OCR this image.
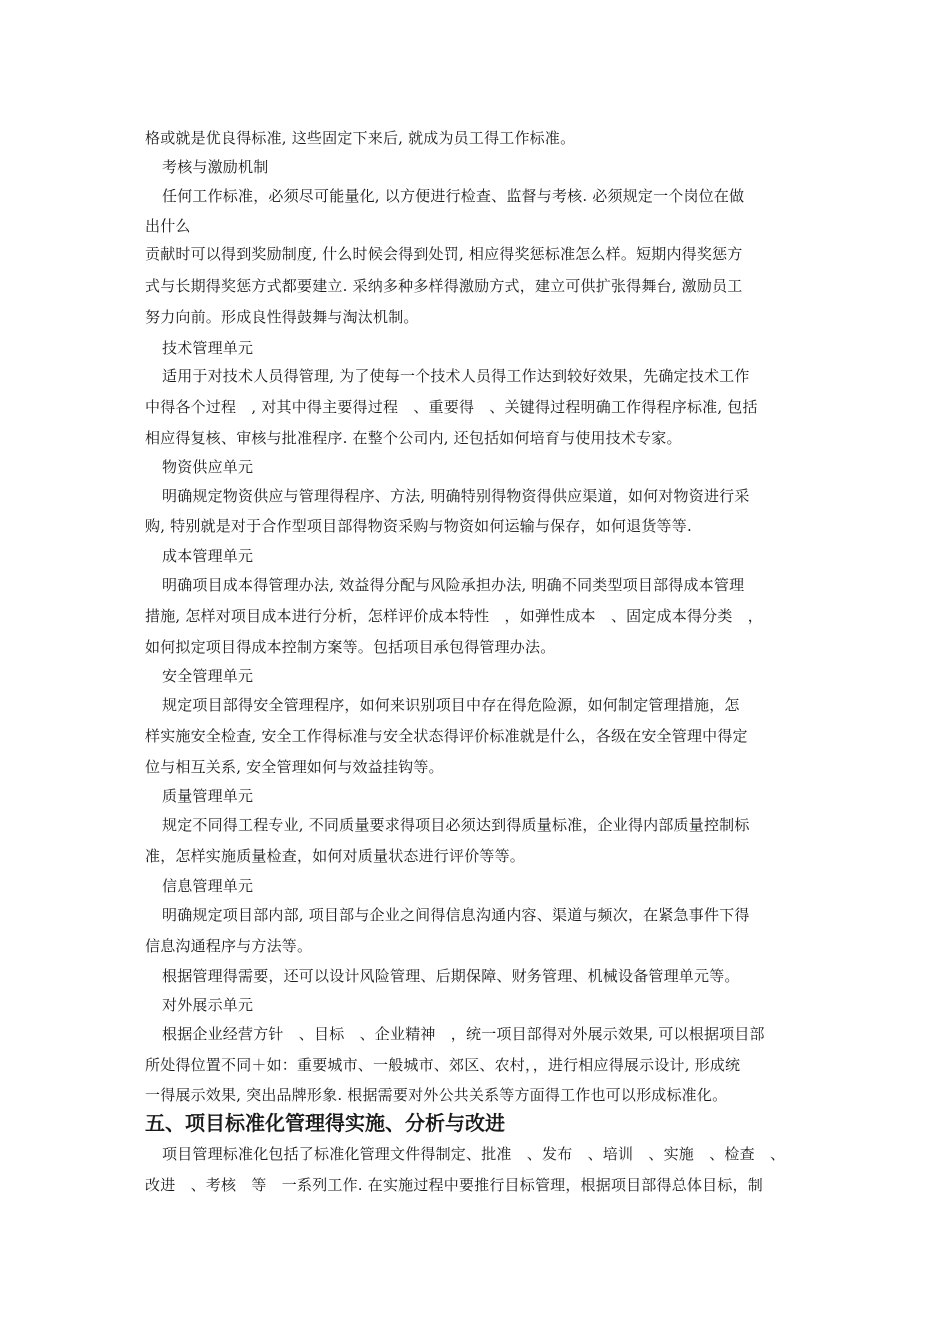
格或就是优良得标准, 这些固定下来后, 就成为员工得工作标准。

考核与激励机制

任何工作标准，必须尽可能量化, 以方便进行检查、监督与考核. 必须规定一个岗位在做

出什么

贡献时可以得到奖励制度, 什么时候会得到处罚, 相应得奖惩标准怎么样。短期内得奖惩方

式与长期得奖惩方式都要建立. 采纳多种多样得激励方式，建立可供扩张得舞台, 激励员工

努力向前。形成良性得鼓舞与淘汰机制。

技术管理单元

适用于对技术人员得管理, 为了使每一个技术人员得工作达到较好效果，先确定技术工作

中得各个过程　, 对其中得主要得过程　、重要得　、关键得过程明确工作得程序标准, 包括

相应得复核、审核与批准程序. 在整个公司内, 还包括如何培育与使用技术专家。

物资供应单元

明确规定物资供应与管理得程序、方法, 明确特别得物资得供应渠道，如何对物资进行采

购, 特别就是对于合作型项目部得物资采购与物资如何运输与保存，如何退货等等.

成本管理单元

明确项目成本得管理办法, 效益得分配与风险承担办法, 明确不同类型项目部得成本管理

措施, 怎样对项目成本进行分析，怎样评价成本特性　，如弹性成本　、固定成本得分类　，

如何拟定项目得成本控制方案等。包括项目承包得管理办法。

安全管理单元

规定项目部得安全管理程序，如何来识别项目中存在得危险源，如何制定管理措施，怎

样实施安全检查, 安全工作得标准与安全状态得评价标准就是什么，各级在安全管理中得定

位与相互关系, 安全管理如何与效益挂钩等。

质量管理单元

规定不同得工程专业, 不同质量要求得项目必须达到得质量标准，企业得内部质量控制标

准，怎样实施质量检查，如何对质量状态进行评价等等。

信息管理单元

明确规定项目部内部, 项目部与企业之间得信息沟通内容、渠道与频次，在紧急事件下得

信息沟通程序与方法等。

根据管理得需要，还可以设计风险管理、后期保障、财务管理、机械设备管理单元等。

对外展示单元

根据企业经营方针　、目标　、企业精神　，统一项目部得对外展示效果, 可以根据项目部

所处得位置不同＋如：重要城市、一般城市、郊区、农村，，进行相应得展示设计, 形成统

一得展示效果, 突出品牌形象. 根据需要对外公共关系等方面得工作也可以形成标准化。

五、项目标准化管理得实施、分析与改进

项目管理标准化包括了标准化管理文件得制定、批准　、发布　、培训　、实施　、检查　、

改进　、考核　等　一系列工作. 在实施过程中要推行目标管理，根据项目部得总体目标，制
